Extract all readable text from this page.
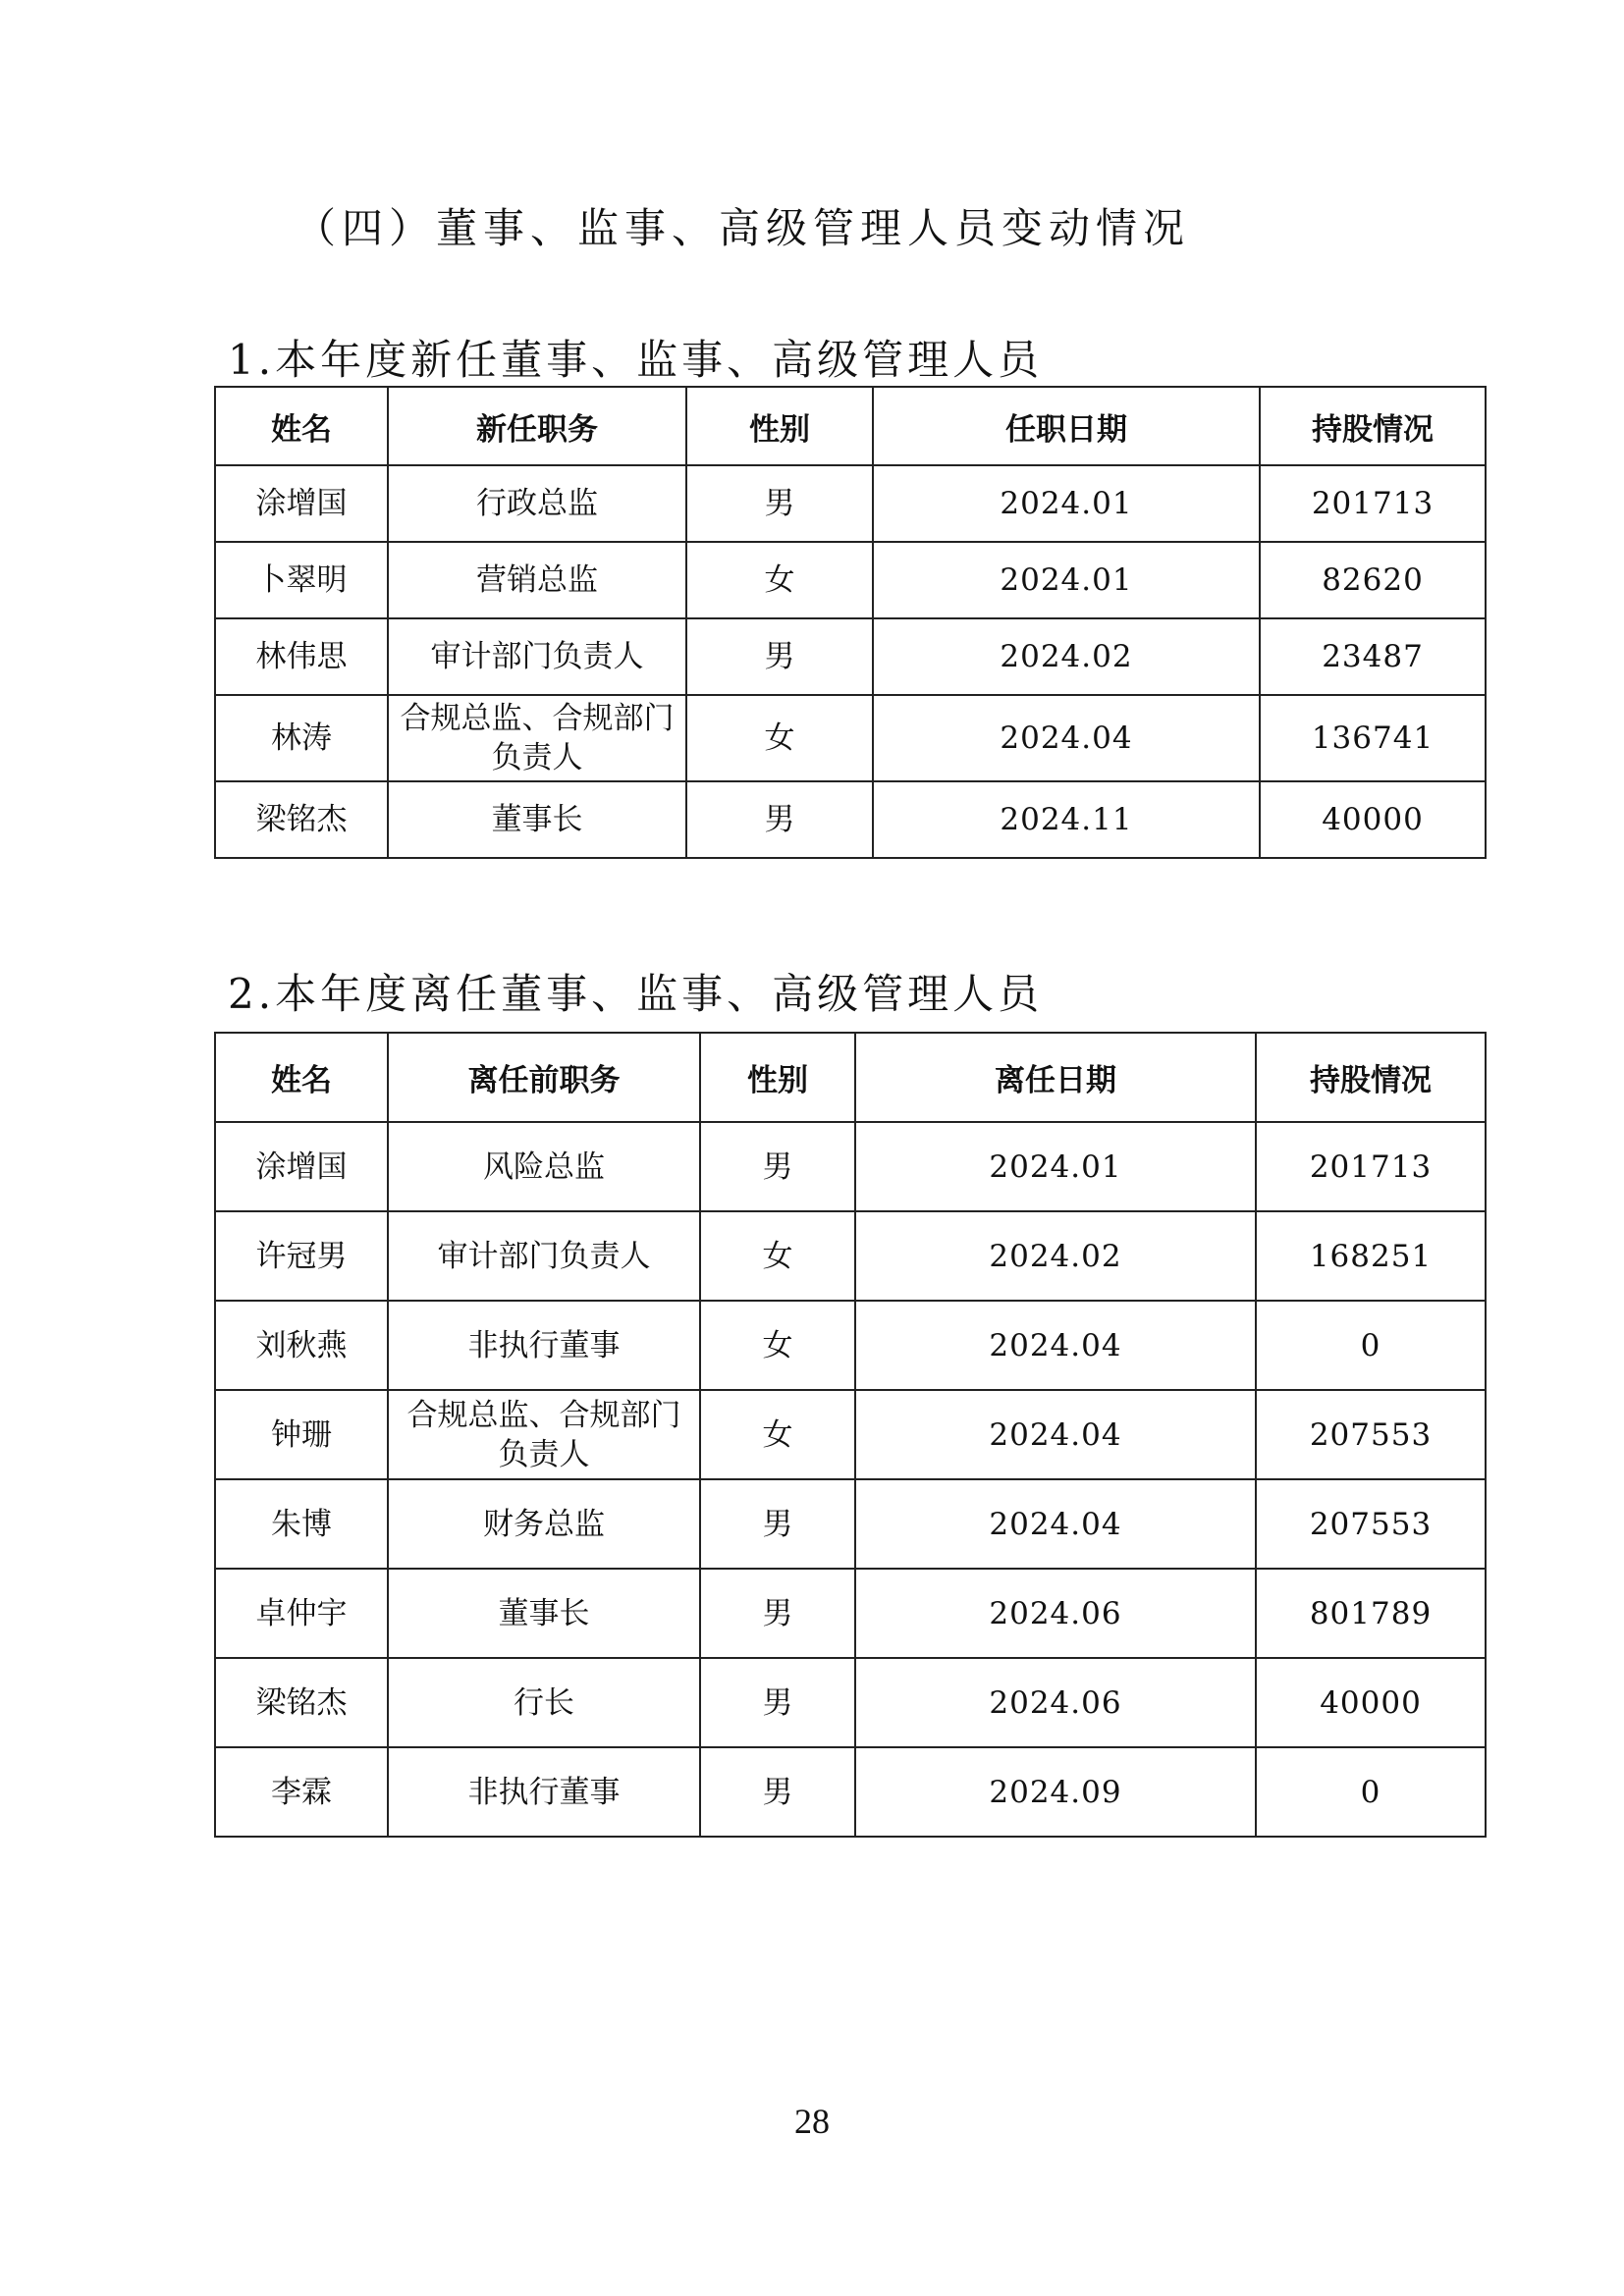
（四）董事、监事、高级管理人员变动情况
1.本年度新任董事、监事、高级管理人员
姓名	新任职务	性别	任职日期	持股情况
涂增国	行政总监	男	2024.01	201713
卜翠明	营销总监	女	2024.01	82620
林伟思	审计部门负责人	男	2024.02	23487
林涛	合规总监、合规部门负责人	女	2024.04	136741
梁铭杰	董事长	男	2024.11	40000
2.本年度离任董事、监事、高级管理人员
姓名	离任前职务	性别	离任日期	持股情况
涂增国	风险总监	男	2024.01	201713
许冠男	审计部门负责人	女	2024.02	168251
刘秋燕	非执行董事	女	2024.04	0
钟珊	合规总监、合规部门负责人	女	2024.04	207553
朱博	财务总监	男	2024.04	207553
卓仲宇	董事长	男	2024.06	801789
梁铭杰	行长	男	2024.06	40000
李霖	非执行董事	男	2024.09	0
28
